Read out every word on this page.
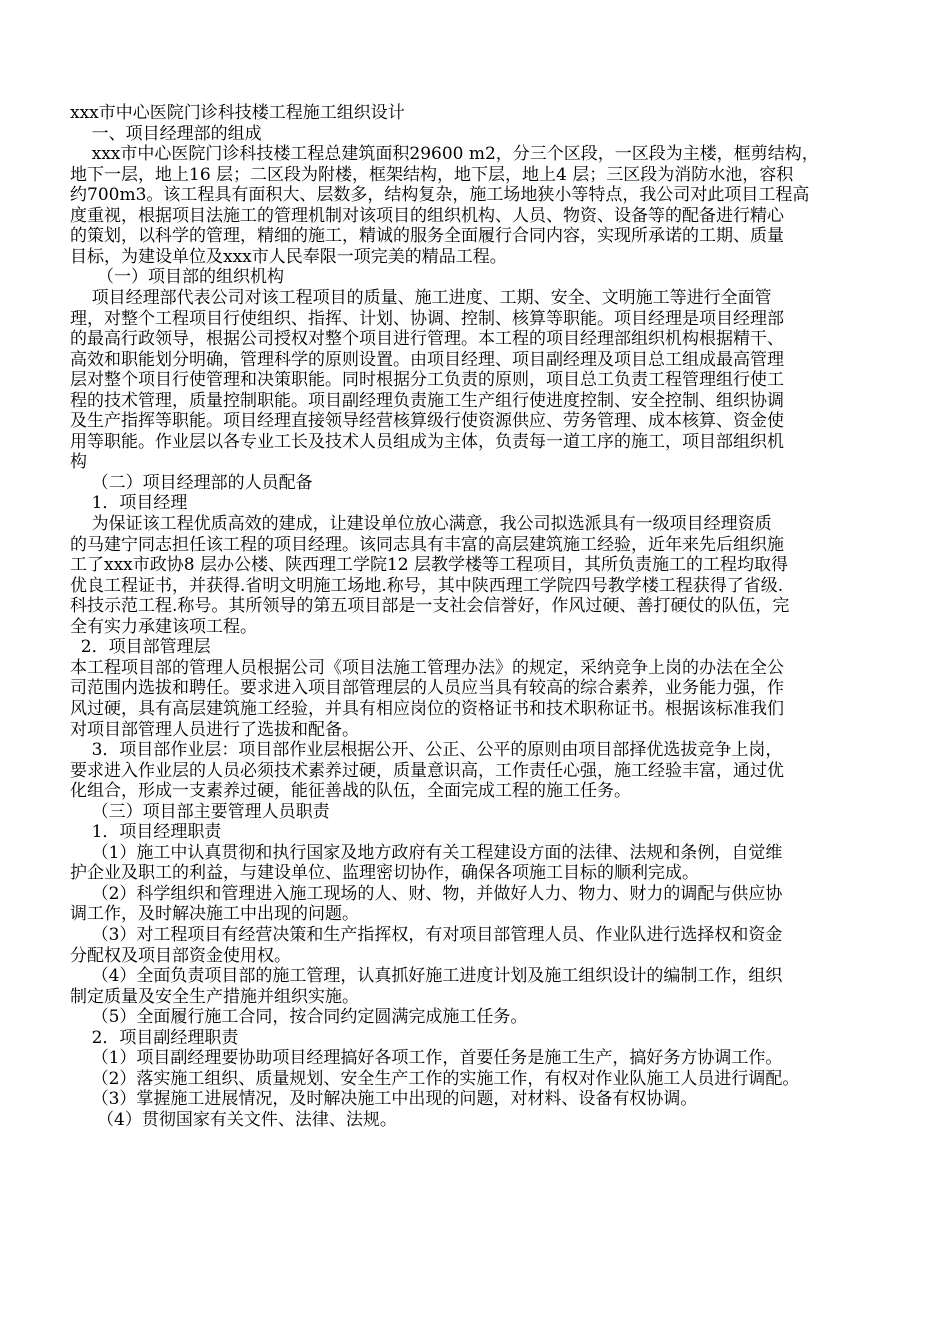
xxx市中心医院门诊科技楼工程施工组织设计
一、项目经理部的组成
xxx市中心医院门诊科技楼工程总建筑面积29600 m2，分三个区段，一区段为主楼，框剪结构，
地下一层，地上16 层；二区段为附楼，框架结构，地下层，地上4 层；三区段为消防水池，容积
约700m3。该工程具有面积大、层数多，结构复杂，施工场地狭小等特点，我公司对此项目工程高
度重视，根据项目法施工的管理机制对该项目的组织机构、人员、物资、设备等的配备进行精心
的策划，以科学的管理，精细的施工，精诚的服务全面履行合同内容，实现所承诺的工期、质量
目标，为建设单位及xxx市人民奉限一项完美的精品工程。
（一）项目部的组织机构
项目经理部代表公司对该工程项目的质量、施工进度、工期、安全、文明施工等进行全面管
理，对整个工程项目行使组织、指挥、计划、协调、控制、核算等职能。项目经理是项目经理部
的最高行政领导，根据公司授权对整个项目进行管理。本工程的项目经理部组织机构根据精干、
高效和职能划分明确，管理科学的原则设置。由项目经理、项目副经理及项目总工组成最高管理
层对整个项目行使管理和决策职能。同时根据分工负责的原则，项目总工负责工程管理组行使工
程的技术管理，质量控制职能。项目副经理负责施工生产组行使进度控制、安全控制、组织协调
及生产指挥等职能。项目经理直接领导经营核算级行使资源供应、劳务管理、成本核算、资金使
用等职能。作业层以各专业工长及技术人员组成为主体，负责每一道工序的施工，项目部组织机
构
（二）项目经理部的人员配备
1．项目经理
为保证该工程优质高效的建成，让建设单位放心满意，我公司拟选派具有一级项目经理资质
的马建宁同志担任该工程的项目经理。该同志具有丰富的高层建筑施工经验，近年来先后组织施
工了xxx市政协8 层办公楼、陕西理工学院12 层教学楼等工程项目，其所负责施工的工程均取得
优良工程证书，并获得.省明文明施工场地.称号，其中陕西理工学院四号教学楼工程获得了省级.
科技示范工程.称号。其所领导的第五项目部是一支社会信誉好，作风过硬、善打硬仗的队伍，完
全有实力承建该项工程。
2．项目部管理层
本工程项目部的管理人员根据公司《项目法施工管理办法》的规定，采纳竞争上岗的办法在全公
司范围内选拔和聘任。要求进入项目部管理层的人员应当具有较高的综合素养，业务能力强，作
风过硬，具有高层建筑施工经验，并具有相应岗位的资格证书和技术职称证书。根据该标准我们
对项目部管理人员进行了选拔和配备。
3．项目部作业层：项目部作业层根据公开、公正、公平的原则由项目部择优选拔竞争上岗，
要求进入作业层的人员必须技术素养过硬，质量意识高，工作责任心强，施工经验丰富，通过优
化组合，形成一支素养过硬，能征善战的队伍，全面完成工程的施工任务。
（三）项目部主要管理人员职责
1．项目经理职责
（1）施工中认真贯彻和执行国家及地方政府有关工程建设方面的法律、法规和条例，自觉维
护企业及职工的利益，与建设单位、监理密切协作，确保各项施工目标的顺利完成。
（2）科学组织和管理进入施工现场的人、财、物，并做好人力、物力、财力的调配与供应协
调工作，及时解决施工中出现的问题。
（3）对工程项目有经营决策和生产指挥权，有对项目部管理人员、作业队进行选择权和资金
分配权及项目部资金使用权。
（4）全面负责项目部的施工管理，认真抓好施工进度计划及施工组织设计的编制工作，组织
制定质量及安全生产措施并组织实施。
（5）全面履行施工合同，按合同约定圆满完成施工任务。
2．项目副经理职责
（1）项目副经理要协助项目经理搞好各项工作，首要任务是施工生产，搞好务方协调工作。
（2）落实施工组织、质量规划、安全生产工作的实施工作，有权对作业队施工人员进行调配。
（3）掌握施工进展情况，及时解决施工中出现的问题，对材料、设备有权协调。
（4）贯彻国家有关文件、法律、法规。
